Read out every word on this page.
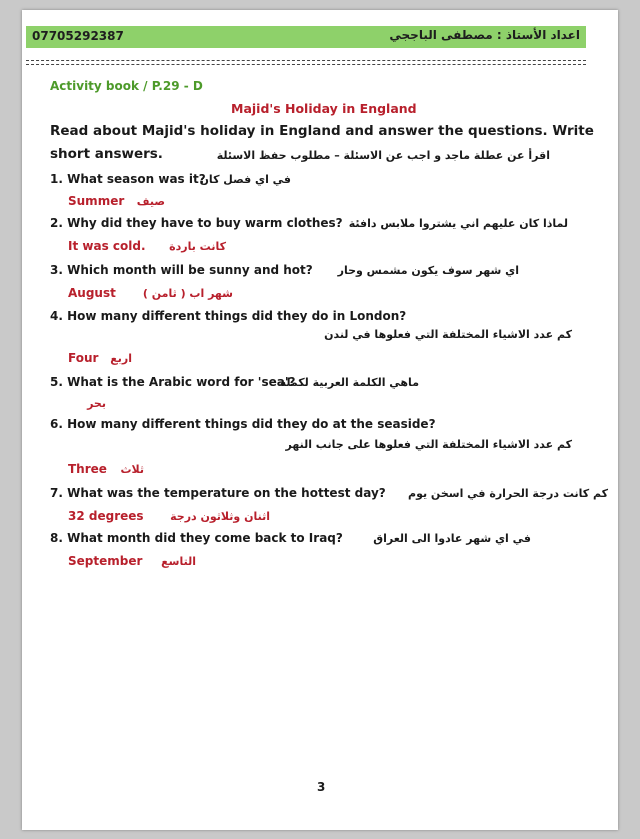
07705292387	اعداد الأستاذ : مصطفى الباججي
Activity book / P.29 - D
Majid's Holiday in England
Read about Majid's holiday in England and answer the questions. Write
short answers.	اقرأ عن عطلة ماجد و اجب عن الاسئلة – مطلوب حفظ الاسئلة
1. What season was it?
في اي فصل كان
Summer صيف
2. Why did they have to buy warm clothes? لماذا كان عليهم اني يشتروا ملابس دافئة
It was cold. كانت باردة
3. Which month will be sunny and hot? اي شهر سوف يكون مشمس وحار
August شهر اب ( ثامن )
4. How many different things did they do in London?
كم عدد الاشياء المختلفة التي فعلوها في لندن
Four اربع
5. What is the Arabic word for 'sea'?
ماهي الكلمة العربية لكملة
بحر
6. How many different things did they do at the seaside?
كم عدد الاشياء المختلفة التي فعلوها على جانب النهر
Three ثلاث
7. What was the temperature on the hottest day? كم كانت درجة الحرارة في اسخن يوم
32 degrees اثنان وثلاثون درجة
8. What month did they come back to Iraq?	في اي شهر عادوا الى العراق
September التاسع
3
